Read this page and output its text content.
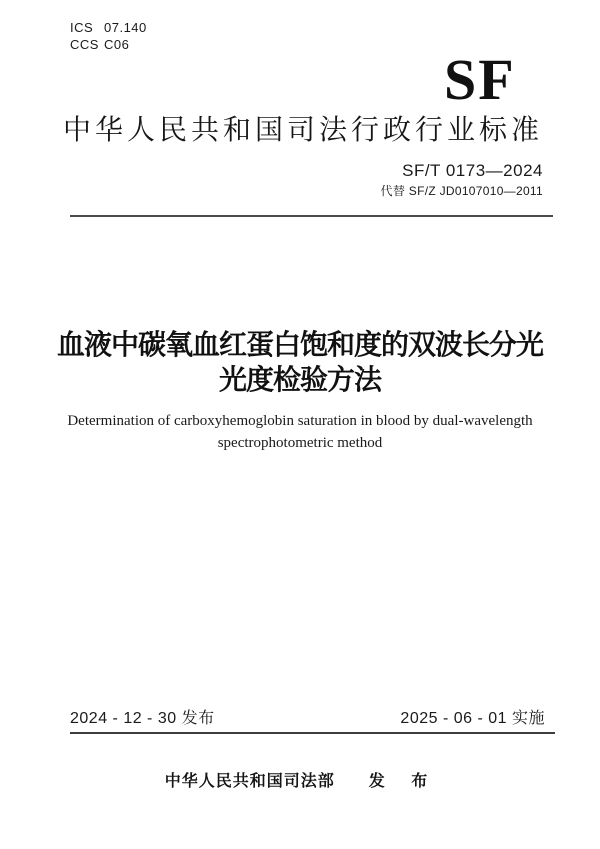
ICS 07.140
CCS C06
SF
中华人民共和国司法行政行业标准
SF/T 0173—2024
代替 SF/Z JD0107010—2011
血液中碳氧血红蛋白饱和度的双波长分光
光度检验方法
Determination of carboxyhemoglobin saturation in blood by dual-wavelength
spectrophotometric method
2024 - 12 - 30 发布	2025 - 06 - 01 实施
中华人民共和国司法部 发 布
